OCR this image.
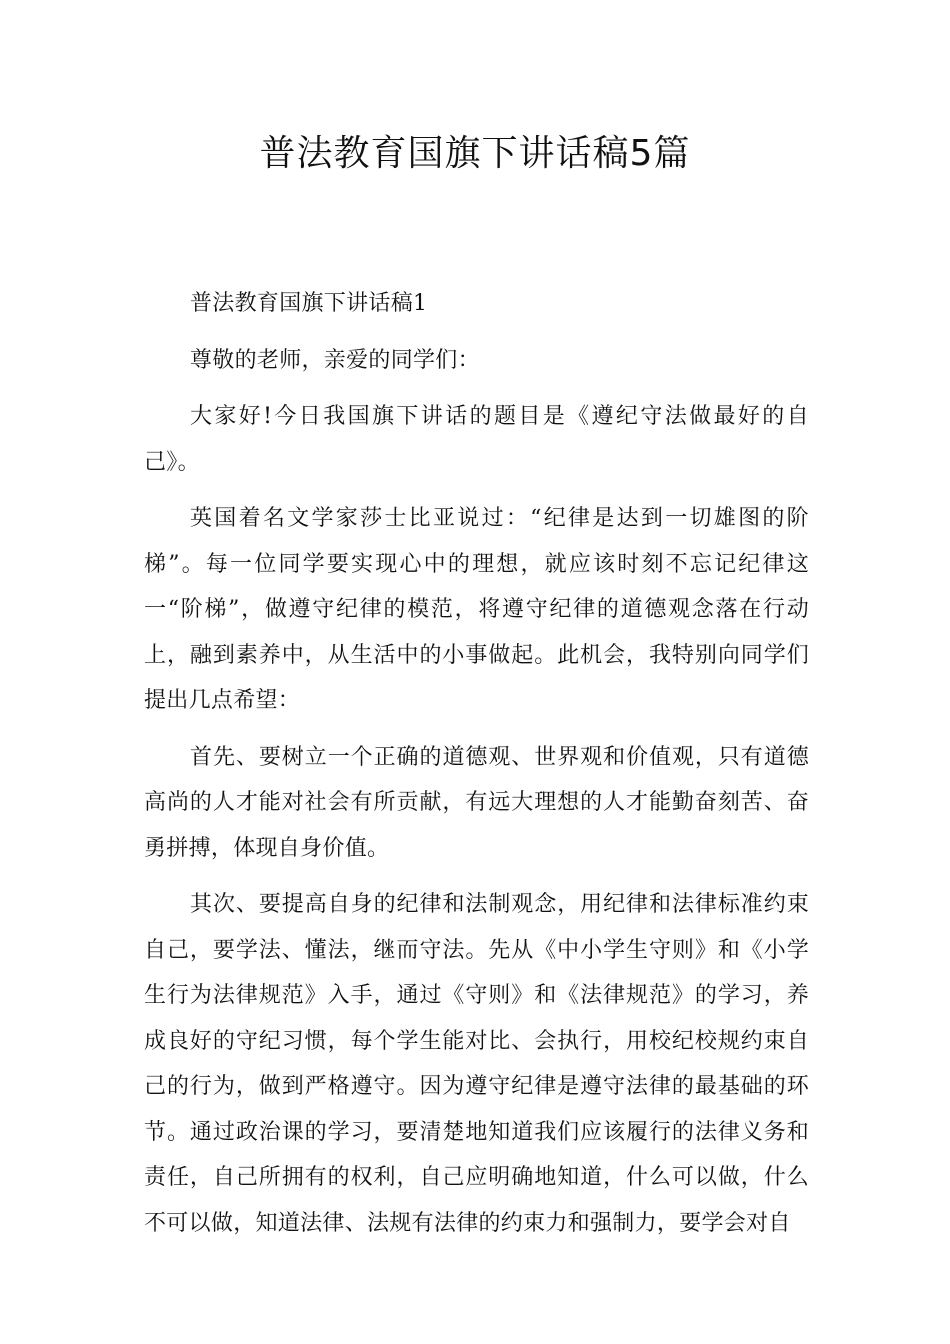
普法教育国旗下讲话稿5篇

普法教育国旗下讲话稿1

尊敬的老师，亲爱的同学们：

大家好!今日我国旗下讲话的题目是《遵纪守法做最好的自己》。

英国着名文学家莎士比亚说过：“纪律是达到一切雄图的阶梯”。每一位同学要实现心中的理想，就应该时刻不忘记纪律这一“阶梯”，做遵守纪律的模范，将遵守纪律的道德观念落在行动上，融到素养中，从生活中的小事做起。此机会，我特别向同学们提出几点希望：

首先、要树立一个正确的道德观、世界观和价值观，只有道德高尚的人才能对社会有所贡献，有远大理想的人才能勤奋刻苦、奋勇拼搏，体现自身价值。

其次、要提高自身的纪律和法制观念，用纪律和法律标准约束自己，要学法、懂法，继而守法。先从《中小学生守则》和《小学生行为法律规范》入手，通过《守则》和《法律规范》的学习，养成良好的守纪习惯，每个学生能对比、会执行，用校纪校规约束自己的行为，做到严格遵守。因为遵守纪律是遵守法律的最基础的环节。通过政治课的学习，要清楚地知道我们应该履行的法律义务和责任，自己所拥有的权利，自己应明确地知道，什么可以做，什么不可以做，知道法律、法规有法律的约束力和强制力，要学会对自
